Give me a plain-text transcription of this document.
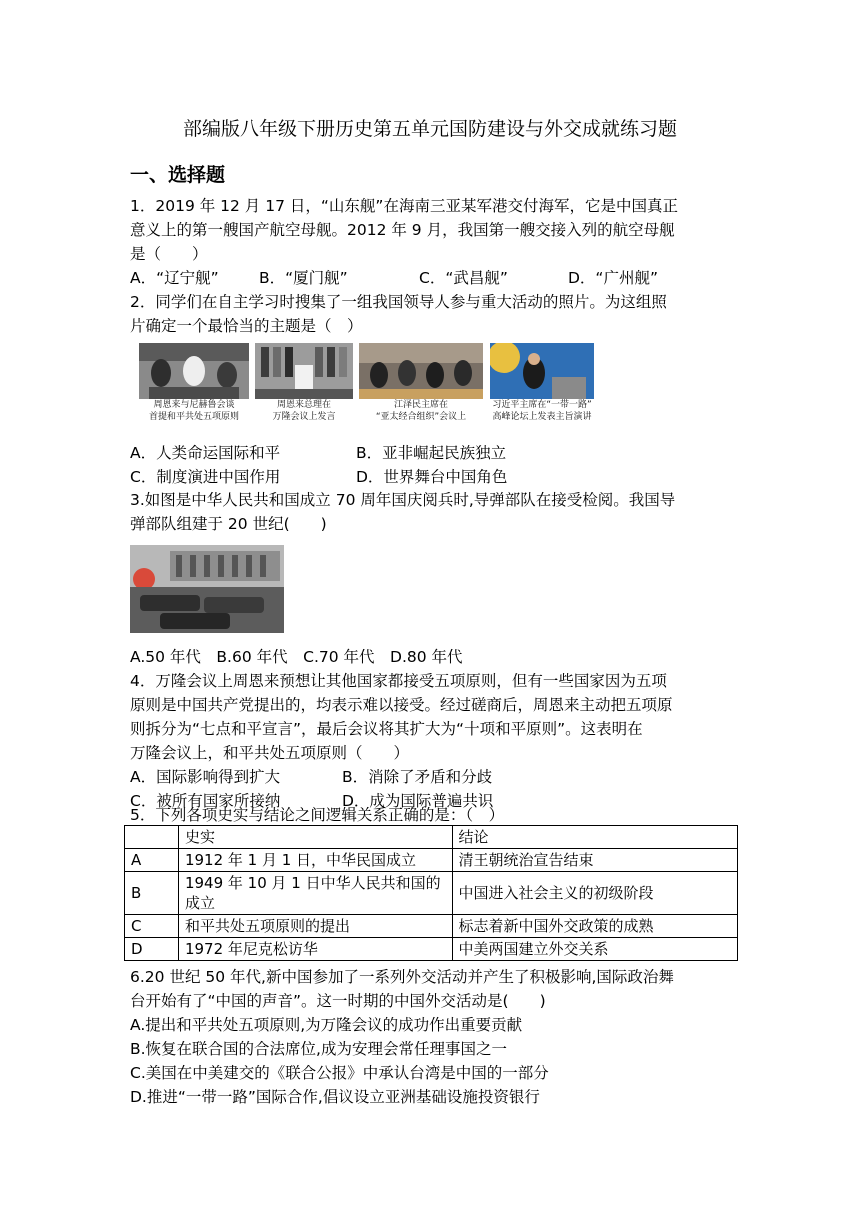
部编版八年级下册历史第五单元国防建设与外交成就练习题
一、选择题
1．2019 年 12 月 17 日，“山东舰”在海南三亚某军港交付海军，它是中国真正
意义上的第一艘国产航空母舰。2012 年 9 月，我国第一艘交接入列的航空母舰
是（　　）
A．“辽宁舰”	B．“厦门舰”	C．“武昌舰”	D．“广州舰”
2．同学们在自主学习时搜集了一组我国领导人参与重大活动的照片。为这组照
片确定一个最恰当的主题是（　）
周恩来与尼赫鲁会谈
首提和平共处五项原则
周恩来总理在
万隆会议上发言
江泽民主席在
“亚太经合组织”会议上
习近平主席在“一带一路”
高峰论坛上发表主旨演讲
A．人类命运国际和平	B．亚非崛起民族独立
C．制度演进中国作用	D．世界舞台中国角色
3.如图是中华人民共和国成立 70 周年国庆阅兵时,导弹部队在接受检阅。我国导
弹部队组建于 20 世纪(　　)
A.50 年代　B.60 年代　C.70 年代　D.80 年代
4．万隆会议上周恩来预想让其他国家都接受五项原则，但有一些国家因为五项
原则是中国共产党提出的，均表示难以接受。经过磋商后，周恩来主动把五项原
则拆分为“七点和平宣言”，最后会议将其扩大为“十项和平原则”。这表明在
万隆会议上，和平共处五项原则（　　）
A．国际影响得到扩大	B．消除了矛盾和分歧
C．被所有国家所接纳	D．成为国际普遍共识
5．下列各项史实与结论之间逻辑关系正确的是：（　）
	史实	结论
A	1912 年 1 月 1 日，中华民国成立	清王朝统治宣告结束
B	1949 年 10 月 1 日中华人民共和国的成立	中国进入社会主义的初级阶段
C	和平共处五项原则的提出	标志着新中国外交政策的成熟
D	1972 年尼克松访华	中美两国建立外交关系
6.20 世纪 50 年代,新中国参加了一系列外交活动并产生了积极影响,国际政治舞
台开始有了“中国的声音”。这一时期的中国外交活动是(　　)
A.提出和平共处五项原则,为万隆会议的成功作出重要贡献
B.恢复在联合国的合法席位,成为安理会常任理事国之一
C.美国在中美建交的《联合公报》中承认台湾是中国的一部分
D.推进“一带一路”国际合作,倡议设立亚洲基础设施投资银行
